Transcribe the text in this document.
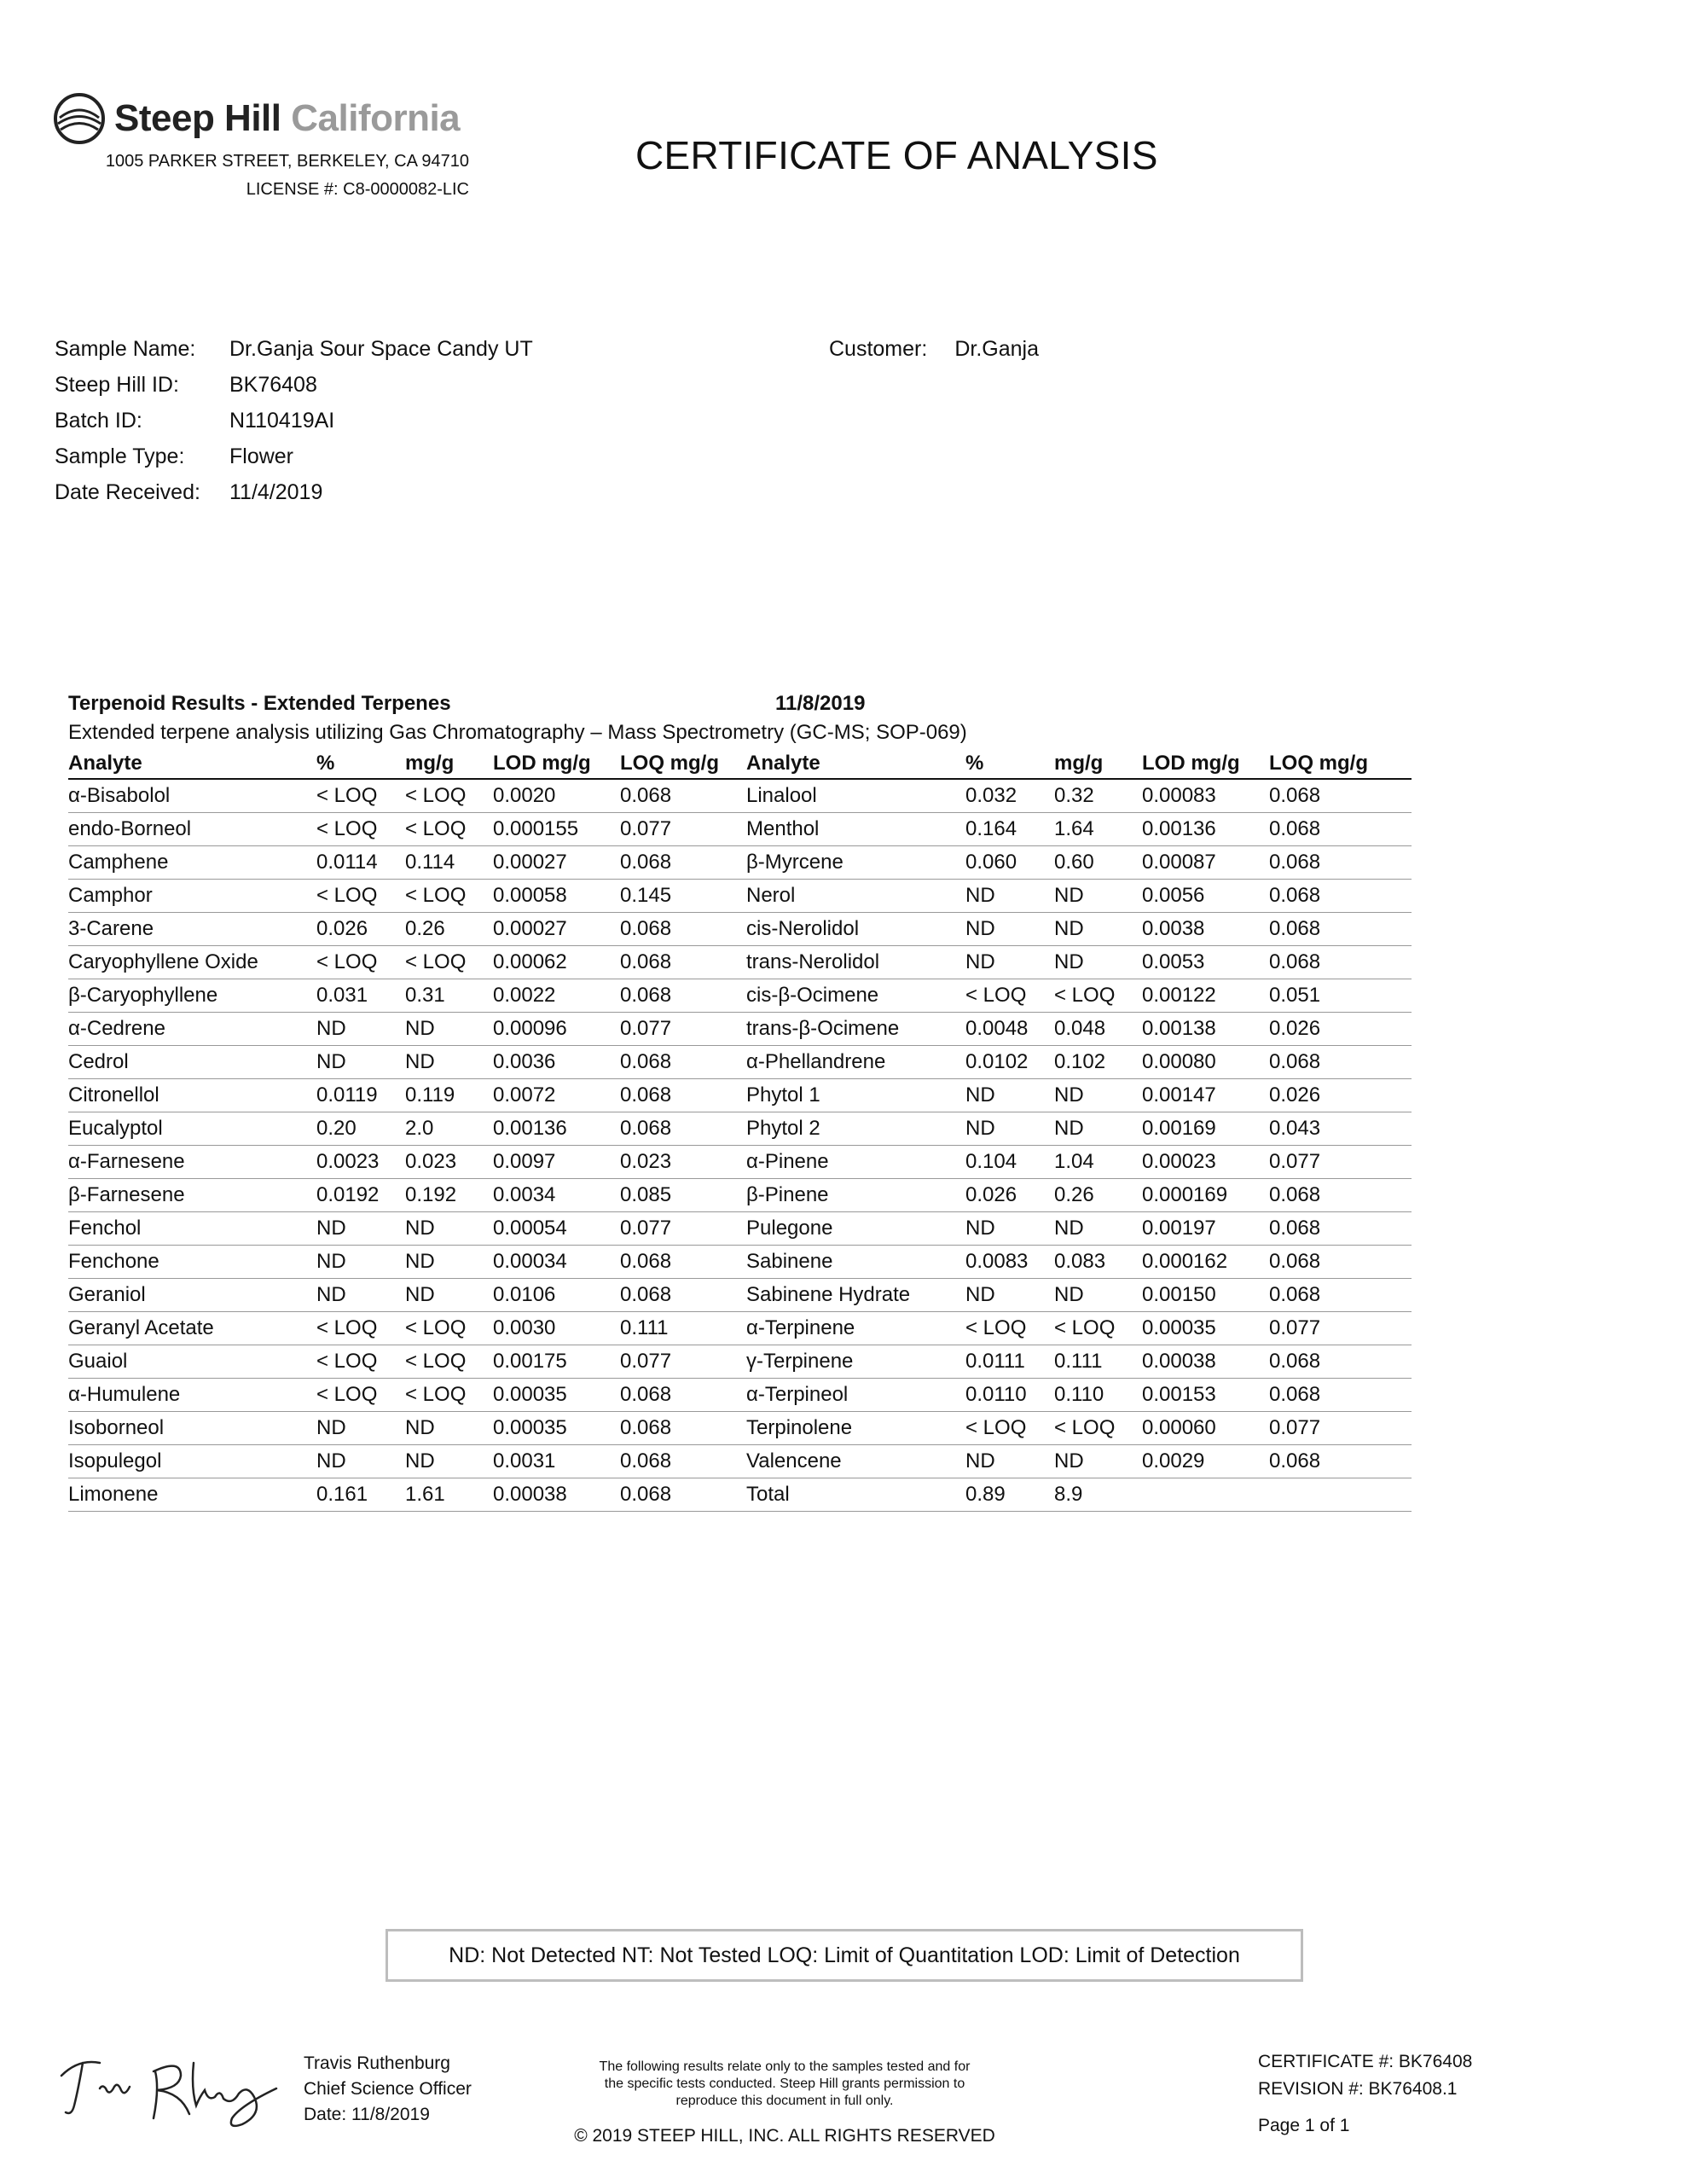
Steep Hill California
1005 PARKER STREET, BERKELEY, CA 94710
LICENSE #: C8-0000082-LIC
CERTIFICATE OF ANALYSIS
Sample Name:	Dr.Ganja Sour Space Candy UT
Steep Hill ID:	BK76408
Batch ID:	N110419AI
Sample Type:	Flower
Date Received:	11/4/2019
Customer: Dr.Ganja
Terpenoid Results - Extended Terpenes	11/8/2019
Extended terpene analysis utilizing Gas Chromatography – Mass Spectrometry (GC-MS; SOP-069)
Analyte	%	mg/g	LOD mg/g	LOQ mg/g	Analyte	%	mg/g	LOD mg/g	LOQ mg/g
α-Bisabolol	< LOQ	< LOQ	0.0020	0.068	Linalool	0.032	0.32	0.00083	0.068
endo-Borneol	< LOQ	< LOQ	0.000155	0.077	Menthol	0.164	1.64	0.00136	0.068
Camphene	0.0114	0.114	0.00027	0.068	β-Myrcene	0.060	0.60	0.00087	0.068
Camphor	< LOQ	< LOQ	0.00058	0.145	Nerol	ND	ND	0.0056	0.068
3-Carene	0.026	0.26	0.00027	0.068	cis-Nerolidol	ND	ND	0.0038	0.068
Caryophyllene Oxide	< LOQ	< LOQ	0.00062	0.068	trans-Nerolidol	ND	ND	0.0053	0.068
β-Caryophyllene	0.031	0.31	0.0022	0.068	cis-β-Ocimene	< LOQ	< LOQ	0.00122	0.051
α-Cedrene	ND	ND	0.00096	0.077	trans-β-Ocimene	0.0048	0.048	0.00138	0.026
Cedrol	ND	ND	0.0036	0.068	α-Phellandrene	0.0102	0.102	0.00080	0.068
Citronellol	0.0119	0.119	0.0072	0.068	Phytol 1	ND	ND	0.00147	0.026
Eucalyptol	0.20	2.0	0.00136	0.068	Phytol 2	ND	ND	0.00169	0.043
α-Farnesene	0.0023	0.023	0.0097	0.023	α-Pinene	0.104	1.04	0.00023	0.077
β-Farnesene	0.0192	0.192	0.0034	0.085	β-Pinene	0.026	0.26	0.000169	0.068
Fenchol	ND	ND	0.00054	0.077	Pulegone	ND	ND	0.00197	0.068
Fenchone	ND	ND	0.00034	0.068	Sabinene	0.0083	0.083	0.000162	0.068
Geraniol	ND	ND	0.0106	0.068	Sabinene Hydrate	ND	ND	0.00150	0.068
Geranyl Acetate	< LOQ	< LOQ	0.0030	0.111	α-Terpinene	< LOQ	< LOQ	0.00035	0.077
Guaiol	< LOQ	< LOQ	0.00175	0.077	γ-Terpinene	0.0111	0.111	0.00038	0.068
α-Humulene	< LOQ	< LOQ	0.00035	0.068	α-Terpineol	0.0110	0.110	0.00153	0.068
Isoborneol	ND	ND	0.00035	0.068	Terpinolene	< LOQ	< LOQ	0.00060	0.077
Isopulegol	ND	ND	0.0031	0.068	Valencene	ND	ND	0.0029	0.068
Limonene	0.161	1.61	0.00038	0.068	Total	0.89	8.9		
ND: Not Detected NT: Not Tested LOQ: Limit of Quantitation LOD: Limit of Detection
Travis Ruthenburg
Chief Science Officer
Date: 11/8/2019
The following results relate only to the samples tested and for
the specific tests conducted. Steep Hill grants permission to
reproduce this document in full only.
© 2019 STEEP HILL, INC. ALL RIGHTS RESERVED
CERTIFICATE #: BK76408
REVISION #: BK76408.1
Page 1 of 1
